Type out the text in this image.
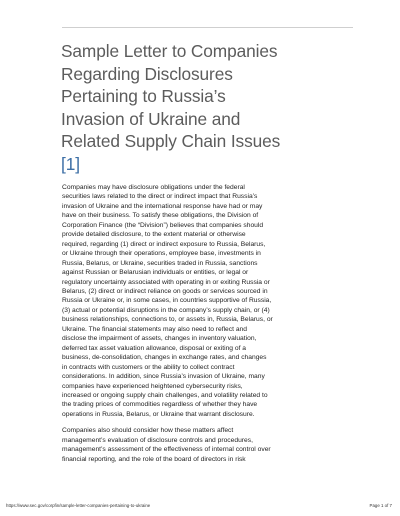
Sample Letter to Companies
Regarding Disclosures
Pertaining to Russia’s
Invasion of Ukraine and
Related Supply Chain Issues
[1]

Companies may have disclosure obligations under the federal
securities laws related to the direct or indirect impact that Russia’s
invasion of Ukraine and the international response have had or may
have on their business. To satisfy these obligations, the Division of
Corporation Finance (the “Division”) believes that companies should
provide detailed disclosure, to the extent material or otherwise
required, regarding (1) direct or indirect exposure to Russia, Belarus,
or Ukraine through their operations, employee base, investments in
Russia, Belarus, or Ukraine, securities traded in Russia, sanctions
against Russian or Belarusian individuals or entities, or legal or
regulatory uncertainty associated with operating in or exiting Russia or
Belarus, (2) direct or indirect reliance on goods or services sourced in
Russia or Ukraine or, in some cases, in countries supportive of Russia,
(3) actual or potential disruptions in the company’s supply chain, or (4)
business relationships, connections to, or assets in, Russia, Belarus, or
Ukraine. The financial statements may also need to reflect and
disclose the impairment of assets, changes in inventory valuation,
deferred tax asset valuation allowance, disposal or exiting of a
business, de-consolidation, changes in exchange rates, and changes
in contracts with customers or the ability to collect contract
considerations. In addition, since Russia’s invasion of Ukraine, many
companies have experienced heightened cybersecurity risks,
increased or ongoing supply chain challenges, and volatility related to
the trading prices of commodities regardless of whether they have
operations in Russia, Belarus, or Ukraine that warrant disclosure.

Companies also should consider how these matters affect
management’s evaluation of disclosure controls and procedures,
management’s assessment of the effectiveness of internal control over
financial reporting, and the role of the board of directors in risk

https://www.sec.gov/corpfin/sample-letter-companies-pertaining-to-ukraine	Page 1 of 7
